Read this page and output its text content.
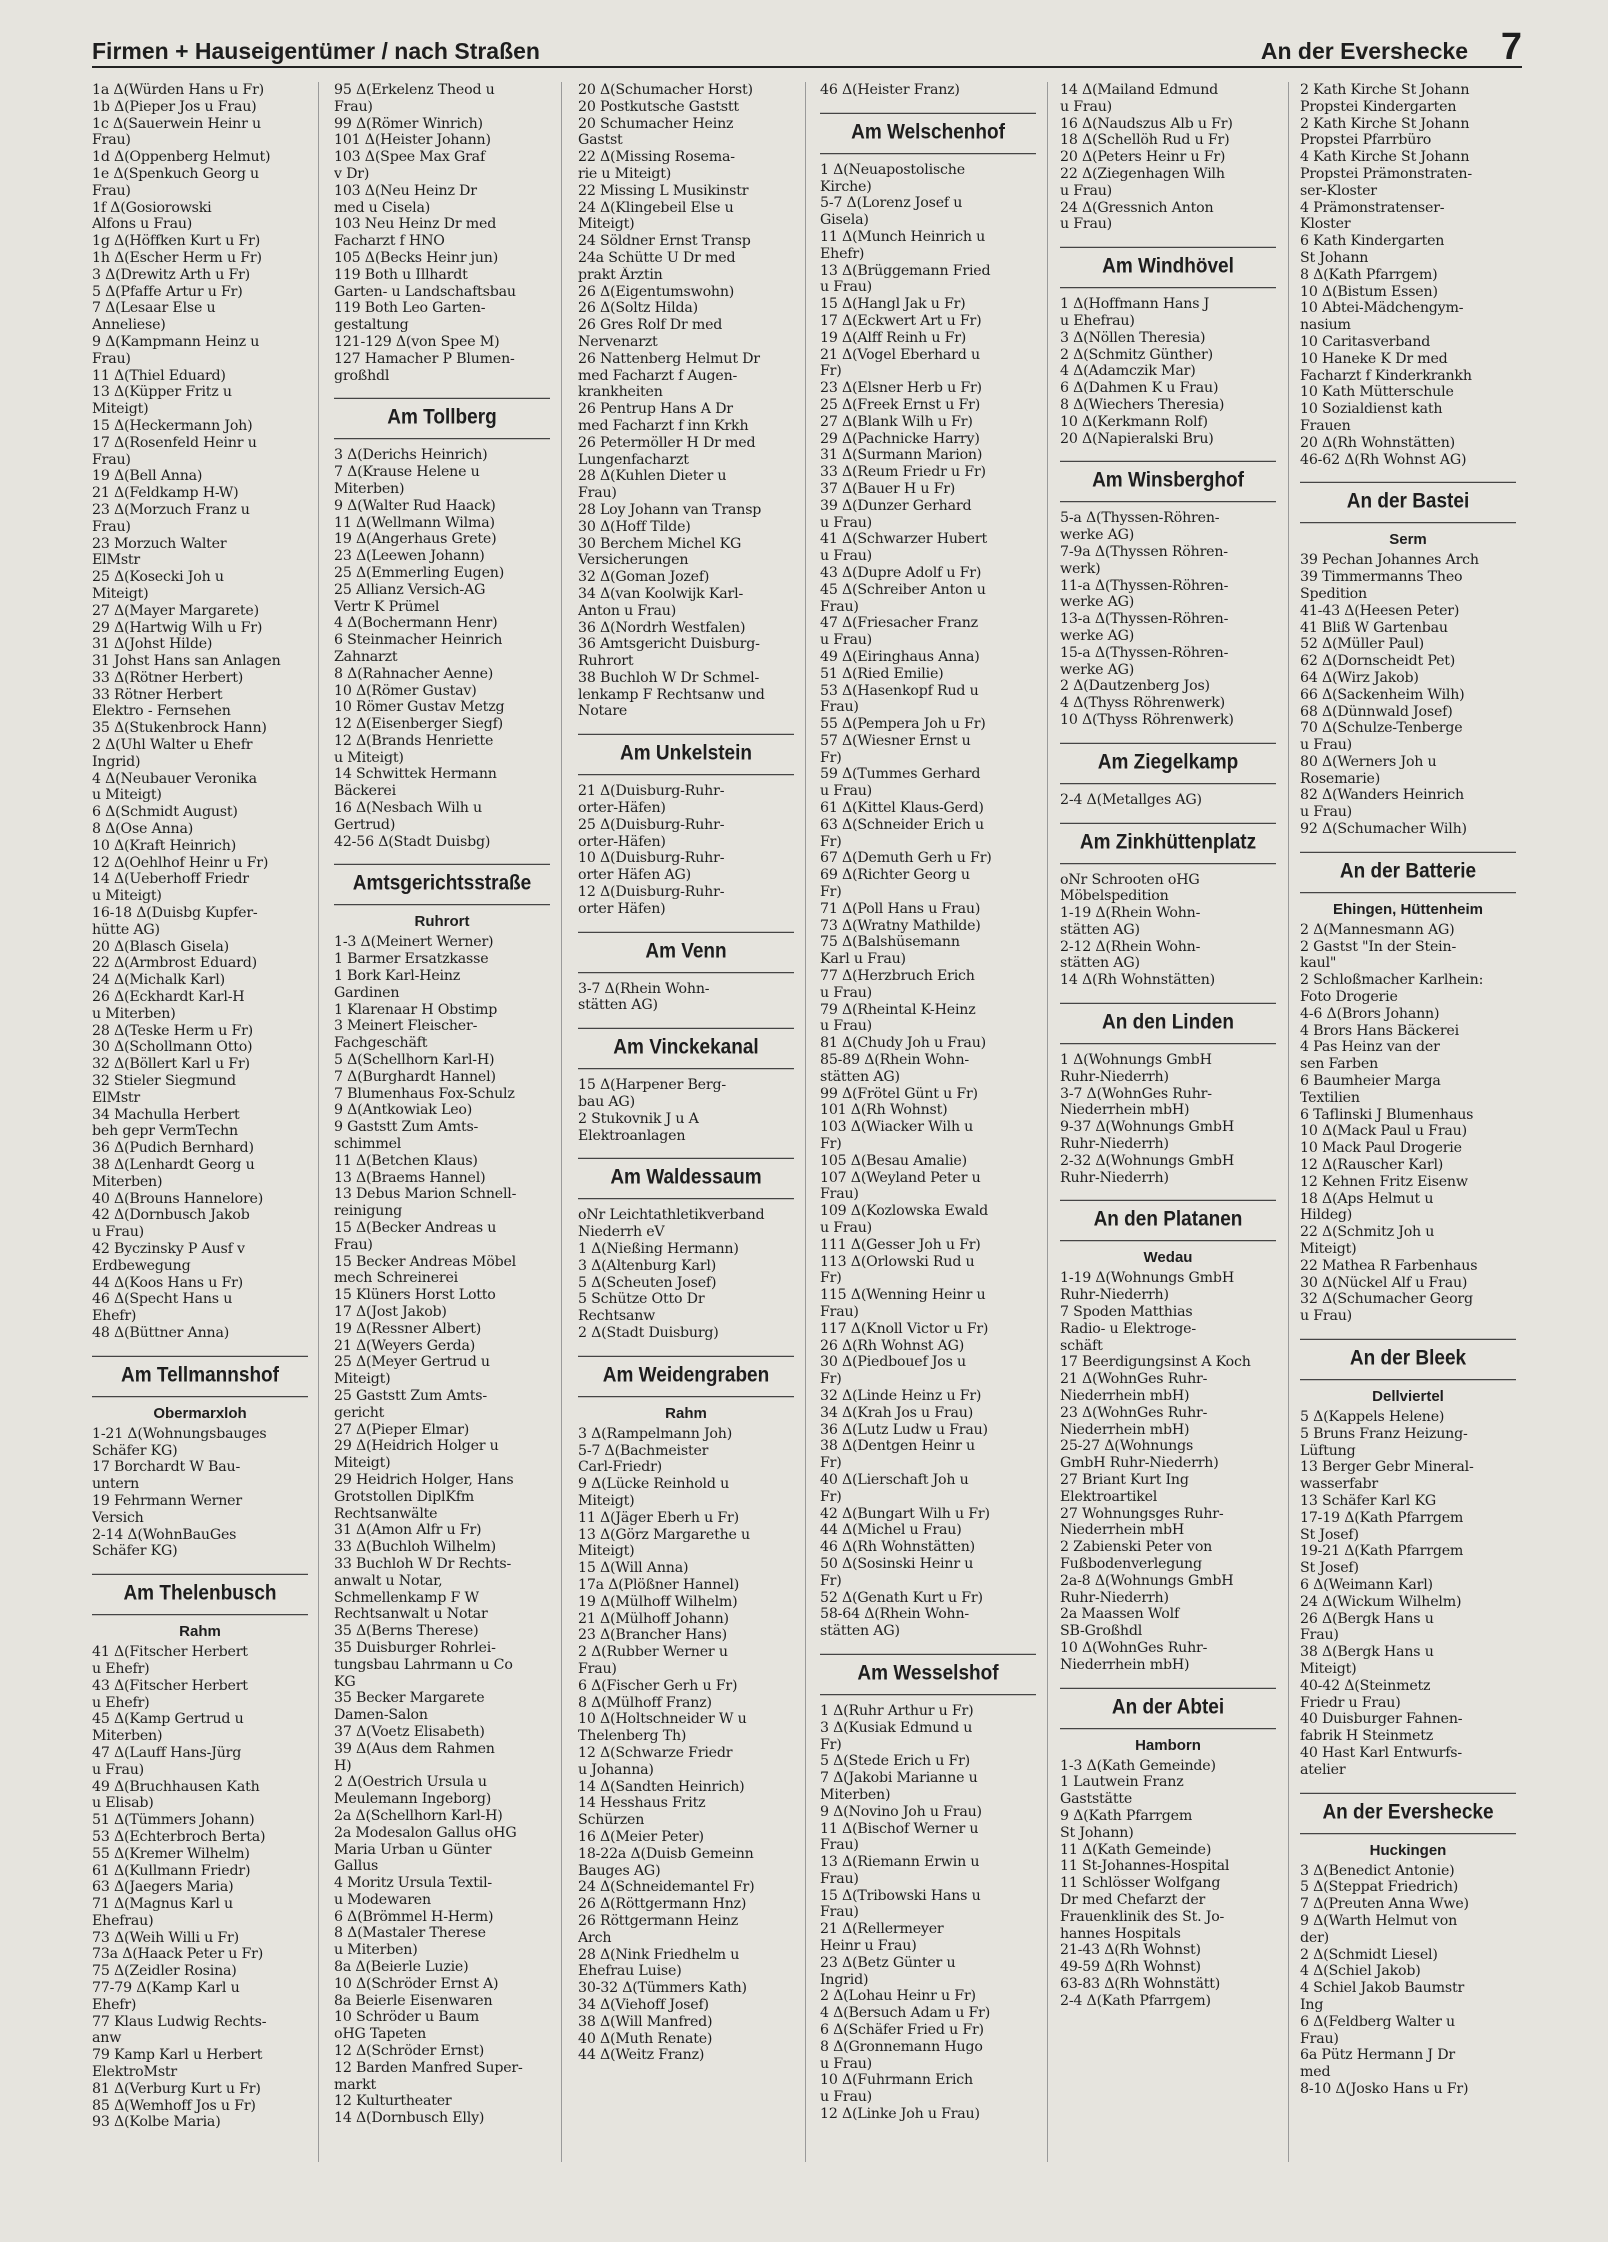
Firmen + Hauseigentümer / nach Straßen	An der Evershecke 7
1a Δ(Würden Hans u Fr)
1b Δ(Pieper Jos u Frau)
1c Δ(Sauerwein Heinr u
Frau)
1d Δ(Oppenberg Helmut)
1e Δ(Spenkuch Georg u
Frau)
1f Δ(Gosiorowski
Alfons u Frau)
1g Δ(Höffken Kurt u Fr)
1h Δ(Escher Herm u Fr)
3 Δ(Drewitz Arth u Fr)
5 Δ(Pfaffe Artur u Fr)
7 Δ(Lesaar Else u
Anneliese)
9 Δ(Kampmann Heinz u
Frau)
11 Δ(Thiel Eduard)
13 Δ(Küpper Fritz u
Miteigt)
15 Δ(Heckermann Joh)
17 Δ(Rosenfeld Heinr u
Frau)
19 Δ(Bell Anna)
21 Δ(Feldkamp H-W)
23 Δ(Morzuch Franz u
Frau)
23 Morzuch Walter
ElMstr
25 Δ(Kosecki Joh u
Miteigt)
27 Δ(Mayer Margarete)
29 Δ(Hartwig Wilh u Fr)
31 Δ(Johst Hilde)
31 Johst Hans san Anlagen
33 Δ(Rötner Herbert)
33 Rötner Herbert
Elektro - Fernsehen
35 Δ(Stukenbrock Hann)
2 Δ(Uhl Walter u Ehefr
Ingrid)
4 Δ(Neubauer Veronika
u Miteigt)
6 Δ(Schmidt August)
8 Δ(Ose Anna)
10 Δ(Kraft Heinrich)
12 Δ(Oehlhof Heinr u Fr)
14 Δ(Ueberhoff Friedr
u Miteigt)
16-18 Δ(Duisbg Kupfer-
hütte AG)
20 Δ(Blasch Gisela)
22 Δ(Armbrost Eduard)
24 Δ(Michalk Karl)
26 Δ(Eckhardt Karl-H
u Miterben)
28 Δ(Teske Herm u Fr)
30 Δ(Schollmann Otto)
32 Δ(Böllert Karl u Fr)
32 Stieler Siegmund
ElMstr
34 Machulla Herbert
beh gepr VermTechn
36 Δ(Pudich Bernhard)
38 Δ(Lenhardt Georg u
Miterben)
40 Δ(Brouns Hannelore)
42 Δ(Dornbusch Jakob
u Frau)
42 Byczinsky P Ausf v
Erdbewegung
44 Δ(Koos Hans u Fr)
46 Δ(Specht Hans u
Ehefr)
48 Δ(Büttner Anna)
Am Tellmannshof
Obermarxloh
1-21 Δ(Wohnungsbauges
Schäfer KG)
17 Borchardt W Bau-
untern
19 Fehrmann Werner
Versich
2-14 Δ(WohnBauGes
Schäfer KG)
Am Thelenbusch
Rahm
41 Δ(Fitscher Herbert
u Ehefr)
43 Δ(Fitscher Herbert
u Ehefr)
45 Δ(Kamp Gertrud u
Miterben)
47 Δ(Lauff Hans-Jürg
u Frau)
49 Δ(Bruchhausen Kath
u Elisab)
51 Δ(Tümmers Johann)
53 Δ(Echterbroch Berta)
55 Δ(Kremer Wilhelm)
61 Δ(Kullmann Friedr)
63 Δ(Jaegers Maria)
71 Δ(Magnus Karl u
Ehefrau)
73 Δ(Weih Willi u Fr)
73a Δ(Haack Peter u Fr)
75 Δ(Zeidler Rosina)
77-79 Δ(Kamp Karl u
Ehefr)
77 Klaus Ludwig Rechts-
anw
79 Kamp Karl u Herbert
ElektroMstr
81 Δ(Verburg Kurt u Fr)
85 Δ(Wemhoff Jos u Fr)
93 Δ(Kolbe Maria)
95 Δ(Erkelenz Theod u
Frau)
99 Δ(Römer Winrich)
101 Δ(Heister Johann)
103 Δ(Spee Max Graf
v Dr)
103 Δ(Neu Heinz Dr
med u Cisela)
103 Neu Heinz Dr med
Facharzt f HNO
105 Δ(Becks Heinr jun)
119 Both u Illhardt
Garten- u Landschaftsbau
119 Both Leo Garten-
gestaltung
121-129 Δ(von Spee M)
127 Hamacher P Blumen-
großhdl
Am Tollberg
3 Δ(Derichs Heinrich)
7 Δ(Krause Helene u
Miterben)
9 Δ(Walter Rud Haack)
11 Δ(Wellmann Wilma)
19 Δ(Angerhaus Grete)
23 Δ(Leewen Johann)
25 Δ(Emmerling Eugen)
25 Allianz Versich-AG
Vertr K Prümel
4 Δ(Bochermann Henr)
6 Steinmacher Heinrich
Zahnarzt
8 Δ(Rahnacher Aenne)
10 Δ(Römer Gustav)
10 Römer Gustav Metzg
12 Δ(Eisenberger Siegf)
12 Δ(Brands Henriette
u Miteigt)
14 Schwittek Hermann
Bäckerei
16 Δ(Nesbach Wilh u
Gertrud)
42-56 Δ(Stadt Duisbg)
Amtsgerichtsstraße
Ruhrort
1-3 Δ(Meinert Werner)
1 Barmer Ersatzkasse
1 Bork Karl-Heinz
Gardinen
1 Klarenaar H Obstimp
3 Meinert Fleischer-
Fachgeschäft
5 Δ(Schellhorn Karl-H)
7 Δ(Burghardt Hannel)
7 Blumenhaus Fox-Schulz
9 Δ(Antkowiak Leo)
9 Gaststt Zum Amts-
schimmel
11 Δ(Betchen Klaus)
13 Δ(Braems Hannel)
13 Debus Marion Schnell-
reinigung
15 Δ(Becker Andreas u
Frau)
15 Becker Andreas Möbel
mech Schreinerei
15 Klüners Horst Lotto
17 Δ(Jost Jakob)
19 Δ(Ressner Albert)
21 Δ(Weyers Gerda)
25 Δ(Meyer Gertrud u
Miteigt)
25 Gaststt Zum Amts-
gericht
27 Δ(Pieper Elmar)
29 Δ(Heidrich Holger u
Miteigt)
29 Heidrich Holger, Hans
Grotstollen DiplKfm
Rechtsanwälte
31 Δ(Amon Alfr u Fr)
33 Δ(Buchloh Wilhelm)
33 Buchloh W Dr Rechts-
anwalt u Notar,
Schmellenkamp F W
Rechtsanwalt u Notar
35 Δ(Berns Therese)
35 Duisburger Rohrlei-
tungsbau Lahrmann u Co
KG
35 Becker Margarete
Damen-Salon
37 Δ(Voetz Elisabeth)
39 Δ(Aus dem Rahmen
H)
2 Δ(Oestrich Ursula u
Meulemann Ingeborg)
2a Δ(Schellhorn Karl-H)
2a Modesalon Gallus oHG
Maria Urban u Günter
Gallus
4 Moritz Ursula Textil-
u Modewaren
6 Δ(Brömmel H-Herm)
8 Δ(Mastaler Therese
u Miterben)
8a Δ(Beierle Luzie)
10 Δ(Schröder Ernst A)
8a Beierle Eisenwaren
10 Schröder u Baum
oHG Tapeten
12 Δ(Schröder Ernst)
12 Barden Manfred Super-
markt
12 Kulturtheater
14 Δ(Dornbusch Elly)
20 Δ(Schumacher Horst)
20 Postkutsche Gaststt
20 Schumacher Heinz
Gastst
22 Δ(Missing Rosema-
rie u Miteigt)
22 Missing L Musikinstr
24 Δ(Klingebeil Else u
Miteigt)
24 Söldner Ernst Transp
24a Schütte U Dr med
prakt Ärztin
26 Δ(Eigentumswohn)
26 Δ(Soltz Hilda)
26 Gres Rolf Dr med
Nervenarzt
26 Nattenberg Helmut Dr
med Facharzt f Augen-
krankheiten
26 Pentrup Hans A Dr
med Facharzt f inn Krkh
26 Petermöller H Dr med
Lungenfacharzt
28 Δ(Kuhlen Dieter u
Frau)
28 Loy Johann van Transp
30 Δ(Hoff Tilde)
30 Berchem Michel KG
Versicherungen
32 Δ(Goman Jozef)
34 Δ(van Koolwijk Karl-
Anton u Frau)
36 Δ(Nordrh Westfalen)
36 Amtsgericht Duisburg-
Ruhrort
38 Buchloh W Dr Schmel-
lenkamp F Rechtsanw und
Notare
Am Unkelstein
21 Δ(Duisburg-Ruhr-
orter-Häfen)
25 Δ(Duisburg-Ruhr-
orter-Häfen)
10 Δ(Duisburg-Ruhr-
orter Häfen AG)
12 Δ(Duisburg-Ruhr-
orter Häfen)
Am Venn
3-7 Δ(Rhein Wohn-
stätten AG)
Am Vinckekanal
15 Δ(Harpener Berg-
bau AG)
2 Stukovnik J u A
Elektroanlagen
Am Waldessaum
oNr Leichtathletikverband
Niederrh eV
1 Δ(Nießing Hermann)
3 Δ(Altenburg Karl)
5 Δ(Scheuten Josef)
5 Schütze Otto Dr
Rechtsanw
2 Δ(Stadt Duisburg)
Am Weidengraben
Rahm
3 Δ(Rampelmann Joh)
5-7 Δ(Bachmeister
Carl-Friedr)
9 Δ(Lücke Reinhold u
Miteigt)
11 Δ(Jäger Eberh u Fr)
13 Δ(Görz Margarethe u
Miteigt)
15 Δ(Will Anna)
17a Δ(Plößner Hannel)
19 Δ(Mülhoff Wilhelm)
21 Δ(Mülhoff Johann)
23 Δ(Brancher Hans)
2 Δ(Rubber Werner u
Frau)
6 Δ(Fischer Gerh u Fr)
8 Δ(Mülhoff Franz)
10 Δ(Holtschneider W u
Thelenberg Th)
12 Δ(Schwarze Friedr
u Johanna)
14 Δ(Sandten Heinrich)
14 Hesshaus Fritz
Schürzen
16 Δ(Meier Peter)
18-22a Δ(Duisb Gemeinn
Bauges AG)
24 Δ(Schneidemantel Fr)
26 Δ(Röttgermann Hnz)
26 Röttgermann Heinz
Arch
28 Δ(Nink Friedhelm u
Ehefrau Luise)
30-32 Δ(Tümmers Kath)
34 Δ(Viehoff Josef)
38 Δ(Will Manfred)
40 Δ(Muth Renate)
44 Δ(Weitz Franz)
46 Δ(Heister Franz)
Am Welschenhof
1 Δ(Neuapostolische
Kirche)
5-7 Δ(Lorenz Josef u
Gisela)
11 Δ(Munch Heinrich u
Ehefr)
13 Δ(Brüggemann Fried
u Frau)
15 Δ(Hangl Jak u Fr)
17 Δ(Eckwert Art u Fr)
19 Δ(Alff Reinh u Fr)
21 Δ(Vogel Eberhard u
Fr)
23 Δ(Elsner Herb u Fr)
25 Δ(Freek Ernst u Fr)
27 Δ(Blank Wilh u Fr)
29 Δ(Pachnicke Harry)
31 Δ(Surmann Marion)
33 Δ(Reum Friedr u Fr)
37 Δ(Bauer H u Fr)
39 Δ(Dunzer Gerhard
u Frau)
41 Δ(Schwarzer Hubert
u Frau)
43 Δ(Dupre Adolf u Fr)
45 Δ(Schreiber Anton u
Frau)
47 Δ(Friesacher Franz
u Frau)
49 Δ(Eiringhaus Anna)
51 Δ(Ried Emilie)
53 Δ(Hasenkopf Rud u
Frau)
55 Δ(Pempera Joh u Fr)
57 Δ(Wiesner Ernst u
Fr)
59 Δ(Tummes Gerhard
u Frau)
61 Δ(Kittel Klaus-Gerd)
63 Δ(Schneider Erich u
Fr)
67 Δ(Demuth Gerh u Fr)
69 Δ(Richter Georg u
Fr)
71 Δ(Poll Hans u Frau)
73 Δ(Wratny Mathilde)
75 Δ(Balshüsemann
Karl u Frau)
77 Δ(Herzbruch Erich
u Frau)
79 Δ(Rheintal K-Heinz
u Frau)
81 Δ(Chudy Joh u Frau)
85-89 Δ(Rhein Wohn-
stätten AG)
99 Δ(Frötel Günt u Fr)
101 Δ(Rh Wohnst)
103 Δ(Wiacker Wilh u
Fr)
105 Δ(Besau Amalie)
107 Δ(Weyland Peter u
Frau)
109 Δ(Kozlowska Ewald
u Frau)
111 Δ(Gesser Joh u Fr)
113 Δ(Orlowski Rud u
Fr)
115 Δ(Wenning Heinr u
Frau)
117 Δ(Knoll Victor u Fr)
26 Δ(Rh Wohnst AG)
30 Δ(Piedbouef Jos u
Fr)
32 Δ(Linde Heinz u Fr)
34 Δ(Krah Jos u Frau)
36 Δ(Lutz Ludw u Frau)
38 Δ(Dentgen Heinr u
Fr)
40 Δ(Lierschaft Joh u
Fr)
42 Δ(Bungart Wilh u Fr)
44 Δ(Michel u Frau)
46 Δ(Rh Wohnstätten)
50 Δ(Sosinski Heinr u
Fr)
52 Δ(Genath Kurt u Fr)
58-64 Δ(Rhein Wohn-
stätten AG)
Am Wesselshof
1 Δ(Ruhr Arthur u Fr)
3 Δ(Kusiak Edmund u
Fr)
5 Δ(Stede Erich u Fr)
7 Δ(Jakobi Marianne u
Miterben)
9 Δ(Novino Joh u Frau)
11 Δ(Bischof Werner u
Frau)
13 Δ(Riemann Erwin u
Frau)
15 Δ(Tribowski Hans u
Frau)
21 Δ(Rellermeyer
Heinr u Frau)
23 Δ(Betz Günter u
Ingrid)
2 Δ(Lohau Heinr u Fr)
4 Δ(Bersuch Adam u Fr)
6 Δ(Schäfer Fried u Fr)
8 Δ(Gronnemann Hugo
u Frau)
10 Δ(Fuhrmann Erich
u Frau)
12 Δ(Linke Joh u Frau)
14 Δ(Mailand Edmund
u Frau)
16 Δ(Naudszus Alb u Fr)
18 Δ(Schellöh Rud u Fr)
20 Δ(Peters Heinr u Fr)
22 Δ(Ziegenhagen Wilh
u Frau)
24 Δ(Gressnich Anton
u Frau)
Am Windhövel
1 Δ(Hoffmann Hans J
u Ehefrau)
3 Δ(Nöllen Theresia)
2 Δ(Schmitz Günther)
4 Δ(Adamczik Mar)
6 Δ(Dahmen K u Frau)
8 Δ(Wiechers Theresia)
10 Δ(Kerkmann Rolf)
20 Δ(Napieralski Bru)
Am Winsberghof
5-a Δ(Thyssen-Röhren-
werke AG)
7-9a Δ(Thyssen Röhren-
werk)
11-a Δ(Thyssen-Röhren-
werke AG)
13-a Δ(Thyssen-Röhren-
werke AG)
15-a Δ(Thyssen-Röhren-
werke AG)
2 Δ(Dautzenberg Jos)
4 Δ(Thyss Röhrenwerk)
10 Δ(Thyss Röhrenwerk)
Am Ziegelkamp
2-4 Δ(Metallges AG)
Am Zinkhüttenplatz
oNr Schrooten oHG
Möbelspedition
1-19 Δ(Rhein Wohn-
stätten AG)
2-12 Δ(Rhein Wohn-
stätten AG)
14 Δ(Rh Wohnstätten)
An den Linden
1 Δ(Wohnungs GmbH
Ruhr-Niederrh)
3-7 Δ(WohnGes Ruhr-
Niederrhein mbH)
9-37 Δ(Wohnungs GmbH
Ruhr-Niederrh)
2-32 Δ(Wohnungs GmbH
Ruhr-Niederrh)
An den Platanen
Wedau
1-19 Δ(Wohnungs GmbH
Ruhr-Niederrh)
7 Spoden Matthias
Radio- u Elektroge-
schäft
17 Beerdigungsinst A Koch
21 Δ(WohnGes Ruhr-
Niederrhein mbH)
23 Δ(WohnGes Ruhr-
Niederrhein mbH)
25-27 Δ(Wohnungs
GmbH Ruhr-Niederrh)
27 Briant Kurt Ing
Elektroartikel
27 Wohnungsges Ruhr-
Niederrhein mbH
2 Zabienski Peter von
Fußbodenverlegung
2a-8 Δ(Wohnungs GmbH
Ruhr-Niederrh)
2a Maassen Wolf
SB-Großhdl
10 Δ(WohnGes Ruhr-
Niederrhein mbH)
An der Abtei
Hamborn
1-3 Δ(Kath Gemeinde)
1 Lautwein Franz
Gaststätte
9 Δ(Kath Pfarrgem
St Johann)
11 Δ(Kath Gemeinde)
11 St-Johannes-Hospital
11 Schlösser Wolfgang
Dr med Chefarzt der
Frauenklinik des St. Jo-
hannes Hospitals
21-43 Δ(Rh Wohnst)
49-59 Δ(Rh Wohnst)
63-83 Δ(Rh Wohnstätt)
2-4 Δ(Kath Pfarrgem)
2 Kath Kirche St Johann
Propstei Kindergarten
2 Kath Kirche St Johann
Propstei Pfarrbüro
4 Kath Kirche St Johann
Propstei Prämonstraten-
ser-Kloster
4 Prämonstratenser-
Kloster
6 Kath Kindergarten
St Johann
8 Δ(Kath Pfarrgem)
10 Δ(Bistum Essen)
10 Abtei-Mädchengym-
nasium
10 Caritasverband
10 Haneke K Dr med
Facharzt f Kinderkrankh
10 Kath Mütterschule
10 Sozialdienst kath
Frauen
20 Δ(Rh Wohnstätten)
46-62 Δ(Rh Wohnst AG)
An der Bastei
Serm
39 Pechan Johannes Arch
39 Timmermanns Theo
Spedition
41-43 Δ(Heesen Peter)
41 Bliß W Gartenbau
52 Δ(Müller Paul)
62 Δ(Dornscheidt Pet)
64 Δ(Wirz Jakob)
66 Δ(Sackenheim Wilh)
68 Δ(Dünnwald Josef)
70 Δ(Schulze-Tenberge
u Frau)
80 Δ(Werners Joh u
Rosemarie)
82 Δ(Wanders Heinrich
u Frau)
92 Δ(Schumacher Wilh)
An der Batterie
Ehingen, Hüttenheim
2 Δ(Mannesmann AG)
2 Gastst "In der Stein-
kaul"
2 Schloßmacher Karlhein:
Foto Drogerie
4-6 Δ(Brors Johann)
4 Brors Hans Bäckerei
4 Pas Heinz van der
sen Farben
6 Baumheier Marga
Textilien
6 Taflinski J Blumenhaus
10 Δ(Mack Paul u Frau)
10 Mack Paul Drogerie
12 Δ(Rauscher Karl)
12 Kehnen Fritz Eisenw
18 Δ(Aps Helmut u
Hildeg)
22 Δ(Schmitz Joh u
Miteigt)
22 Mathea R Farbenhaus
30 Δ(Nückel Alf u Frau)
32 Δ(Schumacher Georg
u Frau)
An der Bleek
Dellviertel
5 Δ(Kappels Helene)
5 Bruns Franz Heizung-
Lüftung
13 Berger Gebr Mineral-
wasserfabr
13 Schäfer Karl KG
17-19 Δ(Kath Pfarrgem
St Josef)
19-21 Δ(Kath Pfarrgem
St Josef)
6 Δ(Weimann Karl)
24 Δ(Wickum Wilhelm)
26 Δ(Bergk Hans u
Frau)
38 Δ(Bergk Hans u
Miteigt)
40-42 Δ(Steinmetz
Friedr u Frau)
40 Duisburger Fahnen-
fabrik H Steinmetz
40 Hast Karl Entwurfs-
atelier
An der Evershecke
Huckingen
3 Δ(Benedict Antonie)
5 Δ(Steppat Friedrich)
7 Δ(Preuten Anna Wwe)
9 Δ(Warth Helmut von
der)
2 Δ(Schmidt Liesel)
4 Δ(Schiel Jakob)
4 Schiel Jakob Baumstr
Ing
6 Δ(Feldberg Walter u
Frau)
6a Pütz Hermann J Dr
med
8-10 Δ(Josko Hans u Fr)
